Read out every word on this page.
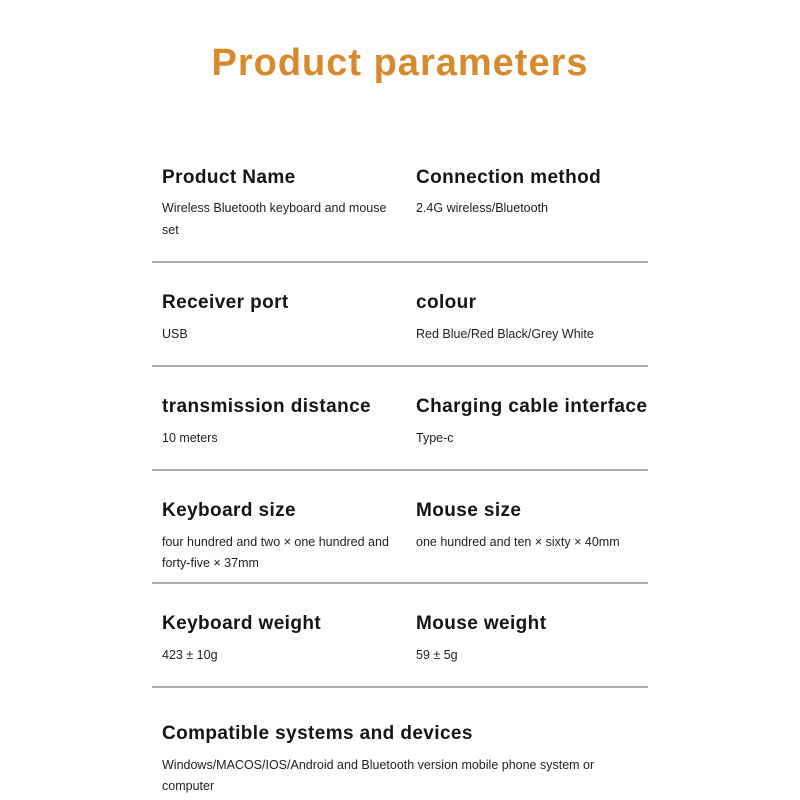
Product parameters
Product Name
Wireless Bluetooth keyboard and mouse set
Connection method
2.4G wireless/Bluetooth
Receiver port
USB
colour
Red Blue/Red Black/Grey White
transmission distance
10 meters
Charging cable interface
Type-c
Keyboard size
four hundred and two × one hundred and forty-five × 37mm
Mouse size
one hundred and ten × sixty × 40mm
Keyboard weight
423 ± 10g
Mouse weight
59 ± 5g
Compatible systems and devices
Windows/MACOS/IOS/Android and Bluetooth version mobile phone system or computer
